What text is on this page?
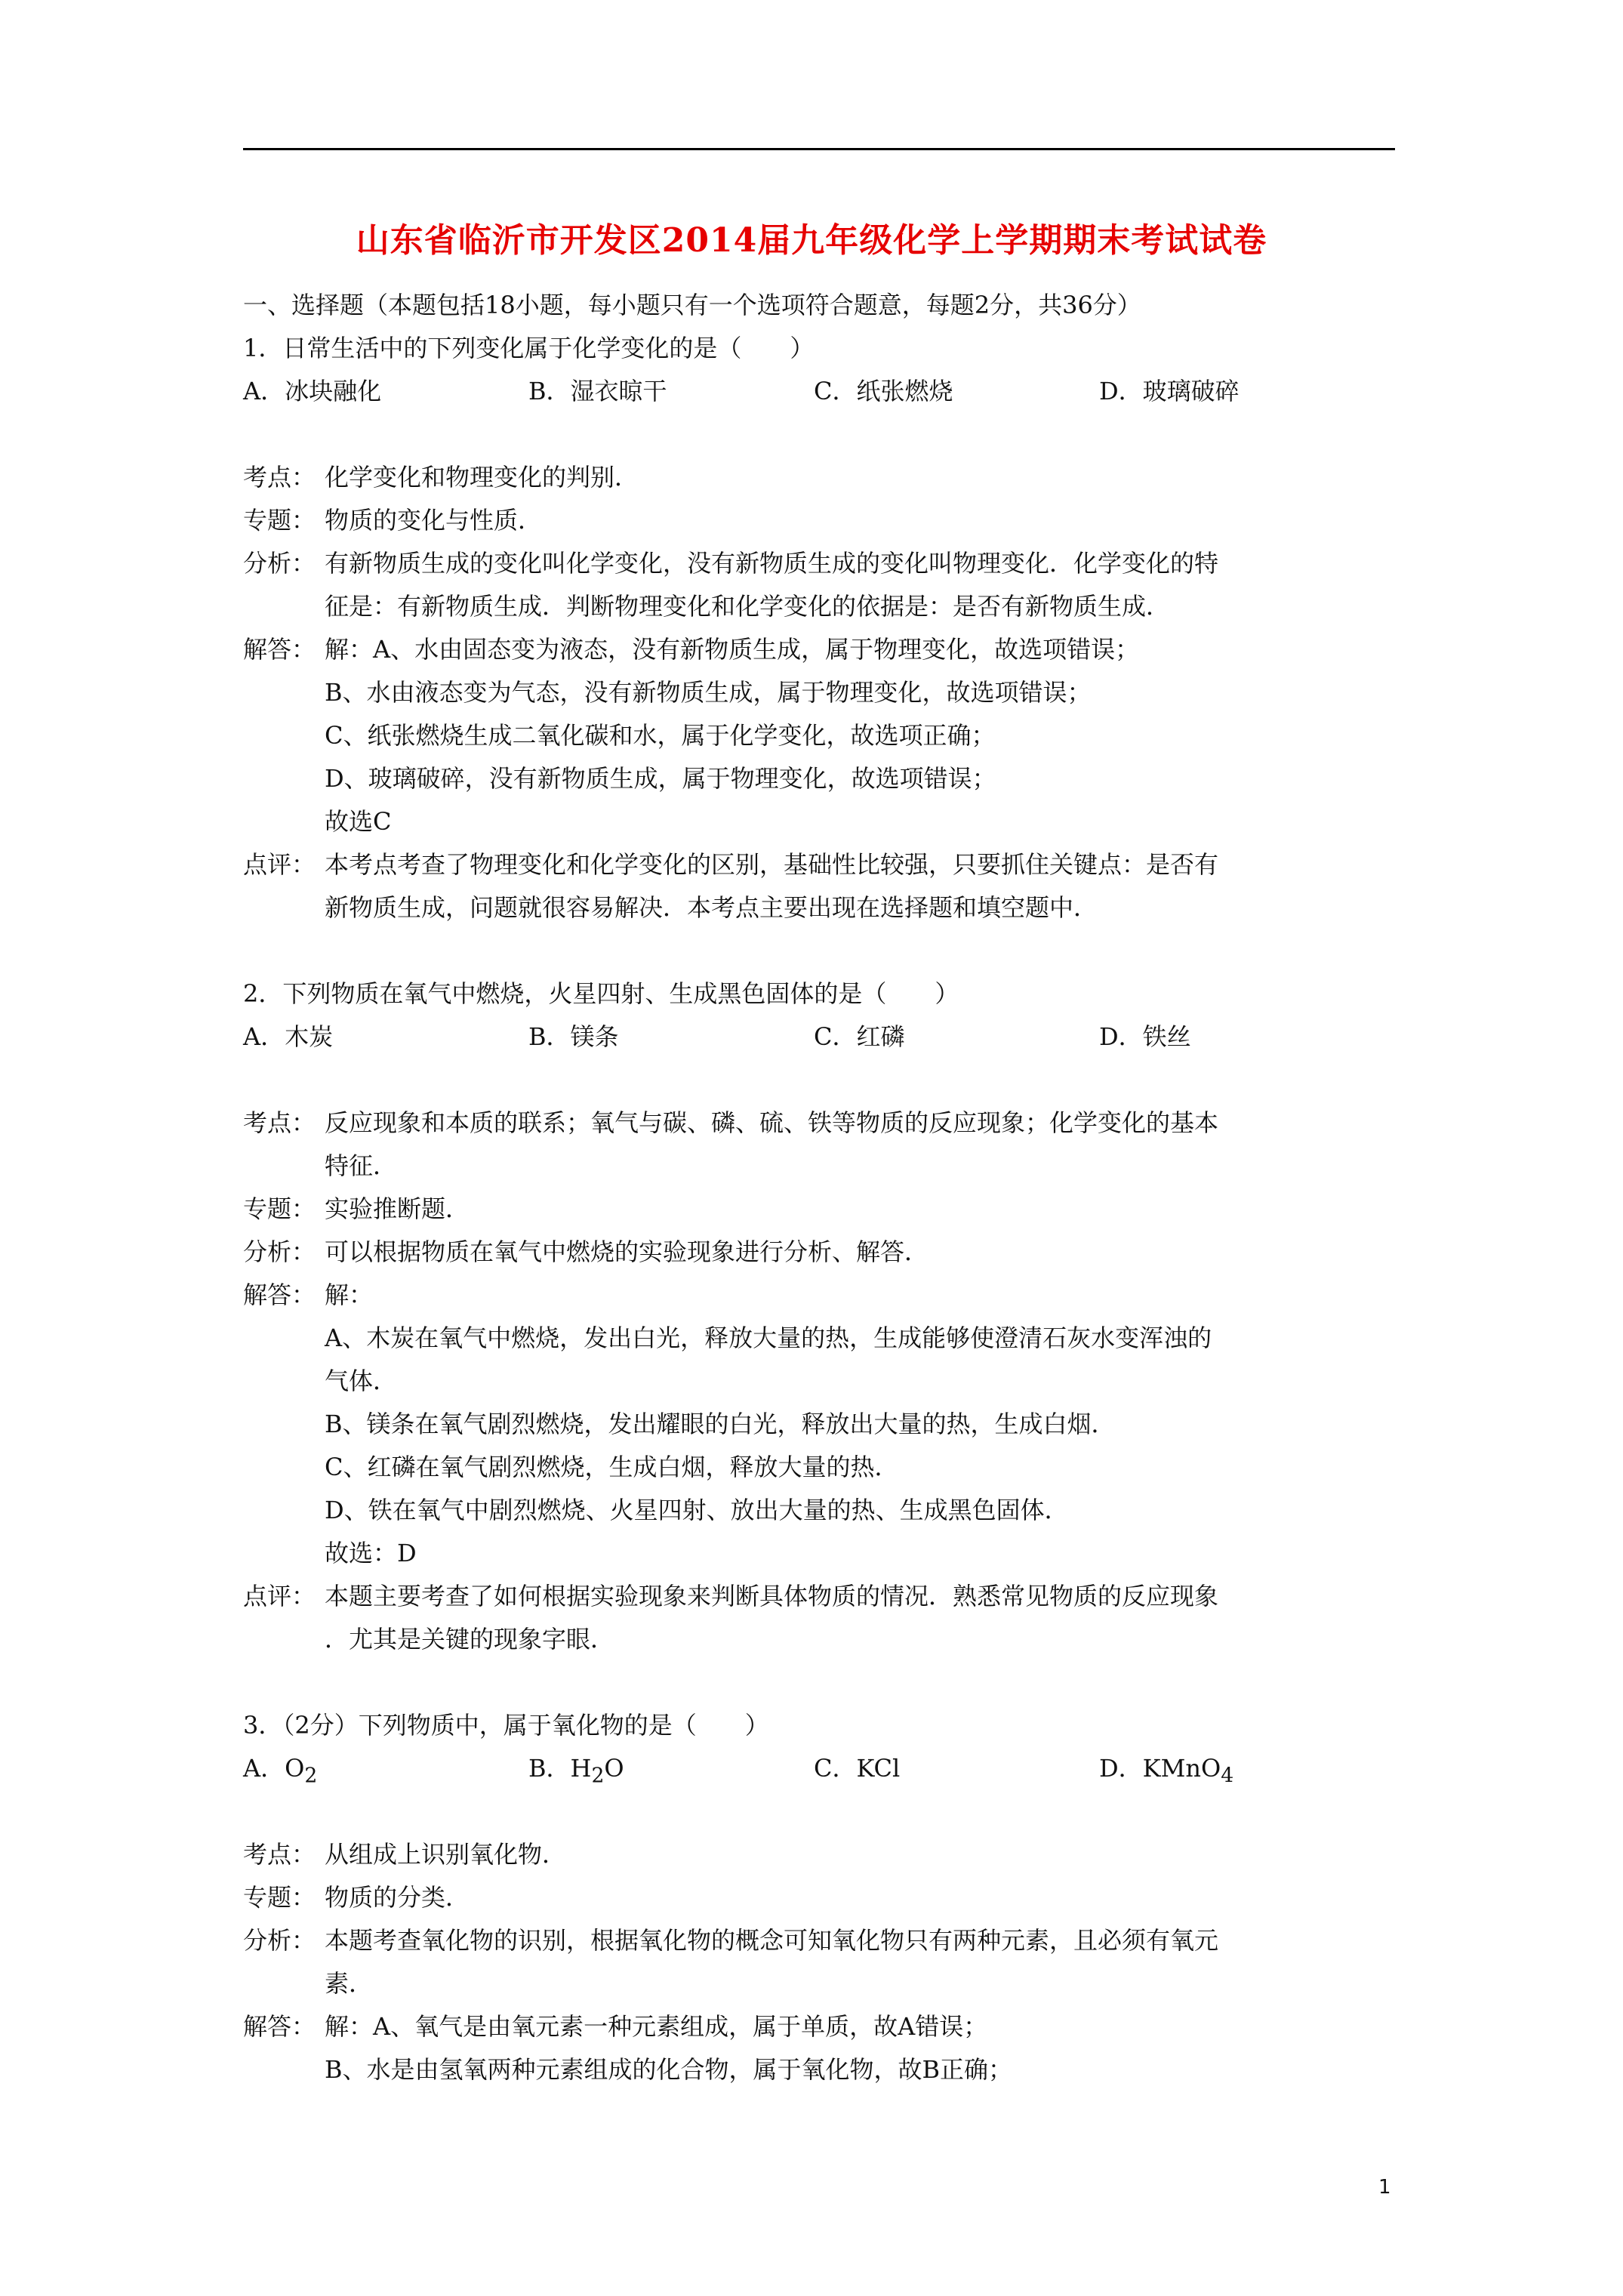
山东省临沂市开发区2014届九年级化学上学期期末考试试卷
一、选择题（本题包括18小题，每小题只有一个选项符合题意，每题2分，共36分）
1．日常生活中的下列变化属于化学变化的是（　　）
A．冰块融化	B．湿衣晾干	C．纸张燃烧	D．玻璃破碎
考点： 化学变化和物理变化的判别．
专题： 物质的变化与性质．
分析： 有新物质生成的变化叫化学变化，没有新物质生成的变化叫物理变化．化学变化的特
征是：有新物质生成．判断物理变化和化学变化的依据是：是否有新物质生成．
解答： 解：A、水由固态变为液态，没有新物质生成，属于物理变化，故选项错误；
B、水由液态变为气态，没有新物质生成，属于物理变化，故选项错误；
C、纸张燃烧生成二氧化碳和水，属于化学变化，故选项正确；
D、玻璃破碎，没有新物质生成，属于物理变化，故选项错误；
故选C
点评： 本考点考查了物理变化和化学变化的区别，基础性比较强，只要抓住关键点：是否有
新物质生成，问题就很容易解决．本考点主要出现在选择题和填空题中．
2．下列物质在氧气中燃烧，火星四射、生成黑色固体的是（　　）
A．木炭	B．镁条	C．红磷	D．铁丝
考点： 反应现象和本质的联系；氧气与碳、磷、硫、铁等物质的反应现象；化学变化的基本
特征．
专题： 实验推断题．
分析： 可以根据物质在氧气中燃烧的实验现象进行分析、解答．
解答： 解：
A、木炭在氧气中燃烧，发出白光，释放大量的热，生成能够使澄清石灰水变浑浊的
气体．
B、镁条在氧气剧烈燃烧，发出耀眼的白光，释放出大量的热，生成白烟．
C、红磷在氧气剧烈燃烧，生成白烟，释放大量的热．
D、铁在氧气中剧烈燃烧、火星四射、放出大量的热、生成黑色固体．
故选：D
点评： 本题主要考查了如何根据实验现象来判断具体物质的情况．熟悉常见物质的反应现象
．尤其是关键的现象字眼．
3．（2分）下列物质中，属于氧化物的是（　　）
A．$O_2$	B．$H_2O$	C．KCl	D．KMnO$_4$
考点： 从组成上识别氧化物．
专题： 物质的分类．
分析： 本题考查氧化物的识别，根据氧化物的概念可知氧化物只有两种元素，且必须有氧元
素．
解答： 解：A、氧气是由氧元素一种元素组成，属于单质，故A错误；
B、水是由氢氧两种元素组成的化合物，属于氧化物，故B正确；
1
